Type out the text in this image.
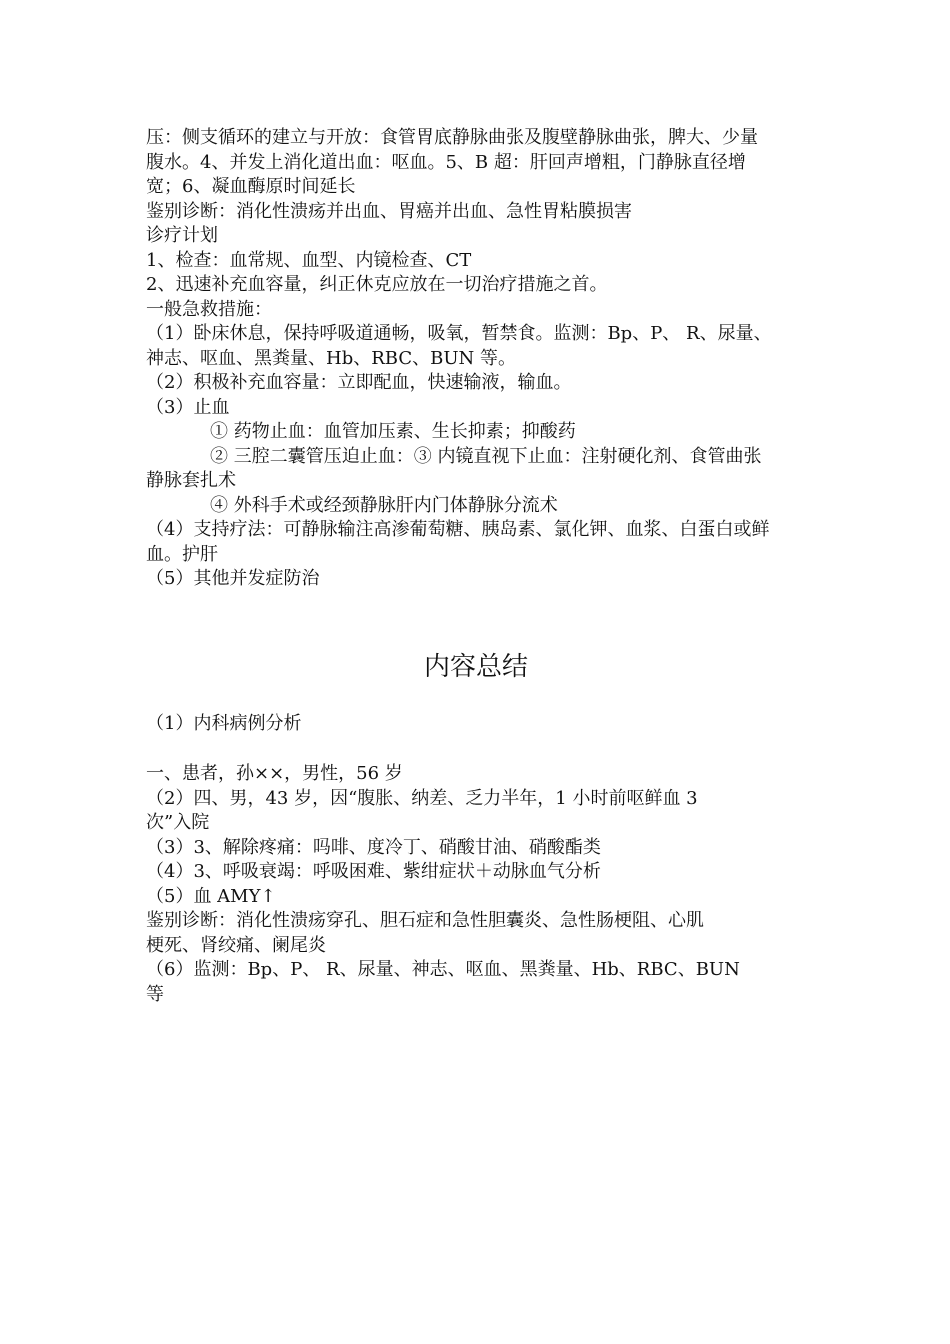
压：侧支循环的建立与开放：食管胃底静脉曲张及腹壁静脉曲张，脾大、少量
腹水。4、并发上消化道出血：呕血。5、B 超：肝回声增粗，门静脉直径增
宽；6、凝血酶原时间延长
鉴别诊断：消化性溃疡并出血、胃癌并出血、急性胃粘膜损害
诊疗计划
1、检查：血常规、血型、内镜检查、CT
2、迅速补充血容量，纠正休克应放在一切治疗措施之首。
一般急救措施：
（1）卧床休息，保持呼吸道通畅，吸氧，暂禁食。监测：Bp、P、 R、尿量、
神志、呕血、黑粪量、Hb、RBC、BUN 等。
（2）积极补充血容量：立即配血，快速输液，输血。
（3）止血
① 药物止血：血管加压素、生长抑素；抑酸药
② 三腔二囊管压迫止血：③ 内镜直视下止血：注射硬化剂、食管曲张
静脉套扎术
④ 外科手术或经颈静脉肝内门体静脉分流术
（4）支持疗法：可静脉输注高渗葡萄糖、胰岛素、氯化钾、血浆、白蛋白或鲜
血。护肝
（5）其他并发症防治
内容总结
（1）内科病例分析
一、患者，孙××，男性，56 岁
（2）四、男，43 岁，因“腹胀、纳差、乏力半年，1 小时前呕鲜血 3
次”入院
（3）3、解除疼痛：吗啡、度冷丁、硝酸甘油、硝酸酯类
（4）3、呼吸衰竭：呼吸困难、紫绀症状＋动脉血气分析
（5）血 AMY↑
鉴别诊断：消化性溃疡穿孔、胆石症和急性胆囊炎、急性肠梗阻、心肌
梗死、肾绞痛、阑尾炎
（6）监测：Bp、P、 R、尿量、神志、呕血、黑粪量、Hb、RBC、BUN
等
